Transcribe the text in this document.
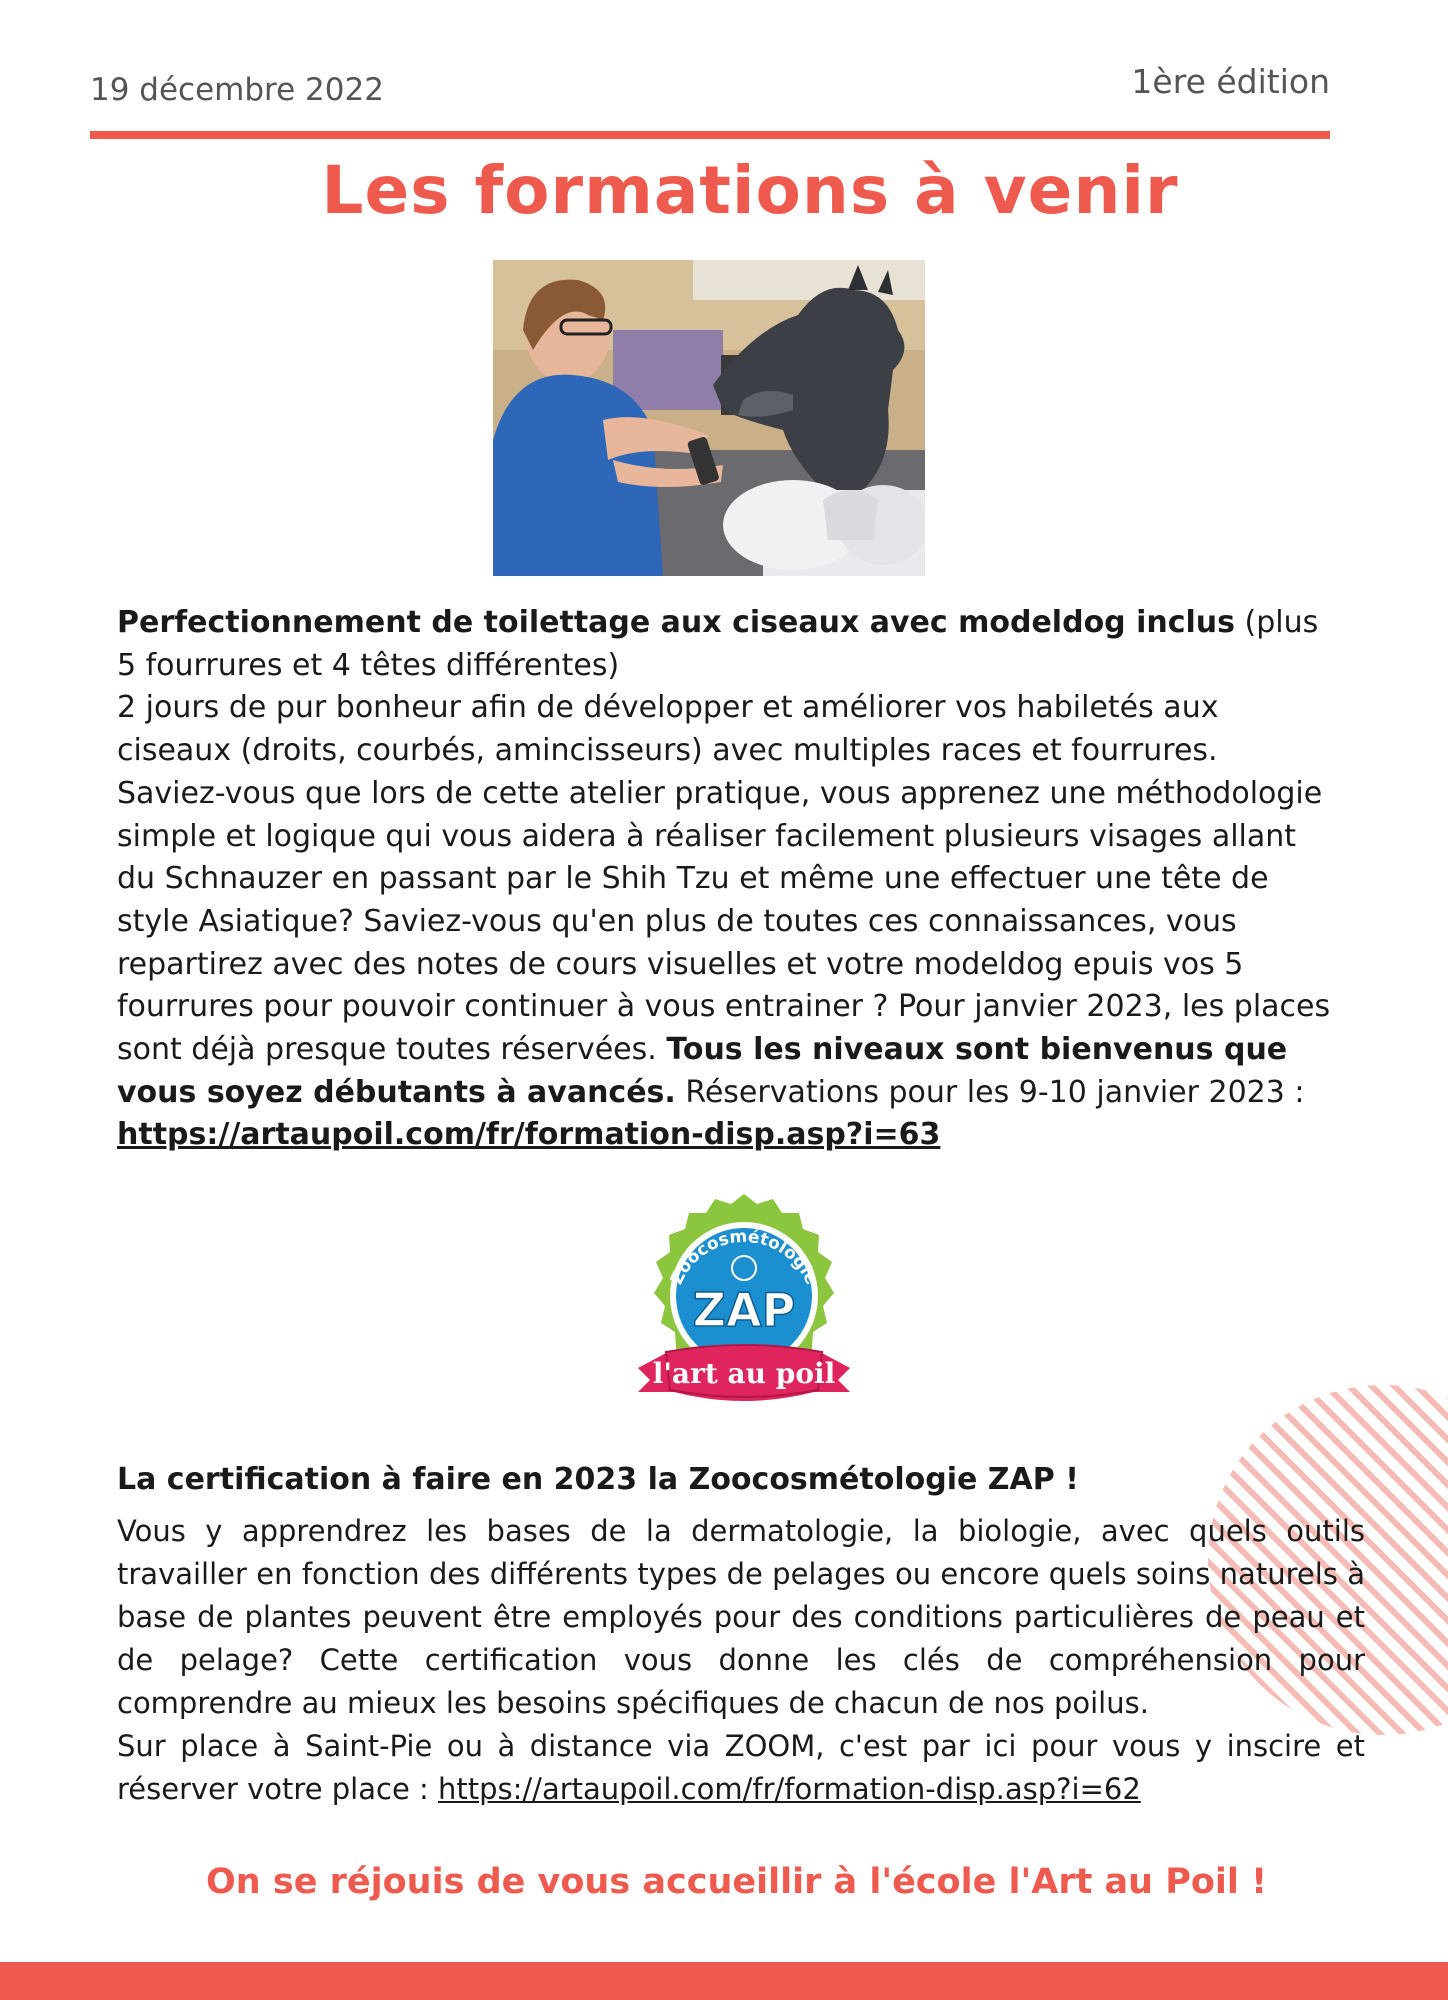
19 décembre 2022	1ère édition
Les formations à venir

Perfectionnement de toilettage aux ciseaux avec modeldog inclus (plus 5 fourrures et 4 têtes différentes)

2 jours de pur bonheur afin de développer et améliorer vos habiletés aux ciseaux (droits, courbés, amincisseurs) avec multiples races et fourrures.

Saviez-vous que lors de cette atelier pratique, vous apprenez une méthodologie simple et logique qui vous aidera à réaliser facilement plusieurs visages allant du Schnauzer en passant par le Shih Tzu et même une effectuer une tête de style Asiatique? Saviez-vous qu'en plus de toutes ces connaissances, vous repartirez avec des notes de cours visuelles et votre modeldog epuis vos 5 fourrures pour pouvoir continuer à vous entrainer ? Pour janvier 2023, les places sont déjà presque toutes réservées. Tous les niveaux sont bienvenus que vous soyez débutants à avancés. Réservations pour les 9-10 janvier 2023 :
https://artaupoil.com/fr/formation-disp.asp?i=63

Zoocosmétologie
ZAP
l'art au poil
La certification à faire en 2023 la Zoocosmétologie ZAP !

Vous y apprendrez les bases de la dermatologie, la biologie, avec quels outils travailler en fonction des différents types de pelages ou encore quels soins naturels à base de plantes peuvent être employés pour des conditions particulières de peau et de pelage? Cette certification vous donne les clés de compréhension pour comprendre au mieux les besoins spécifiques de chacun de nos poilus.

Sur place à Saint-Pie ou à distance via ZOOM, c'est par ici pour vous y inscire et réserver votre place : https://artaupoil.com/fr/formation-disp.asp?i=62

On se réjouis de vous accueillir à l'école l'Art au Poil !
